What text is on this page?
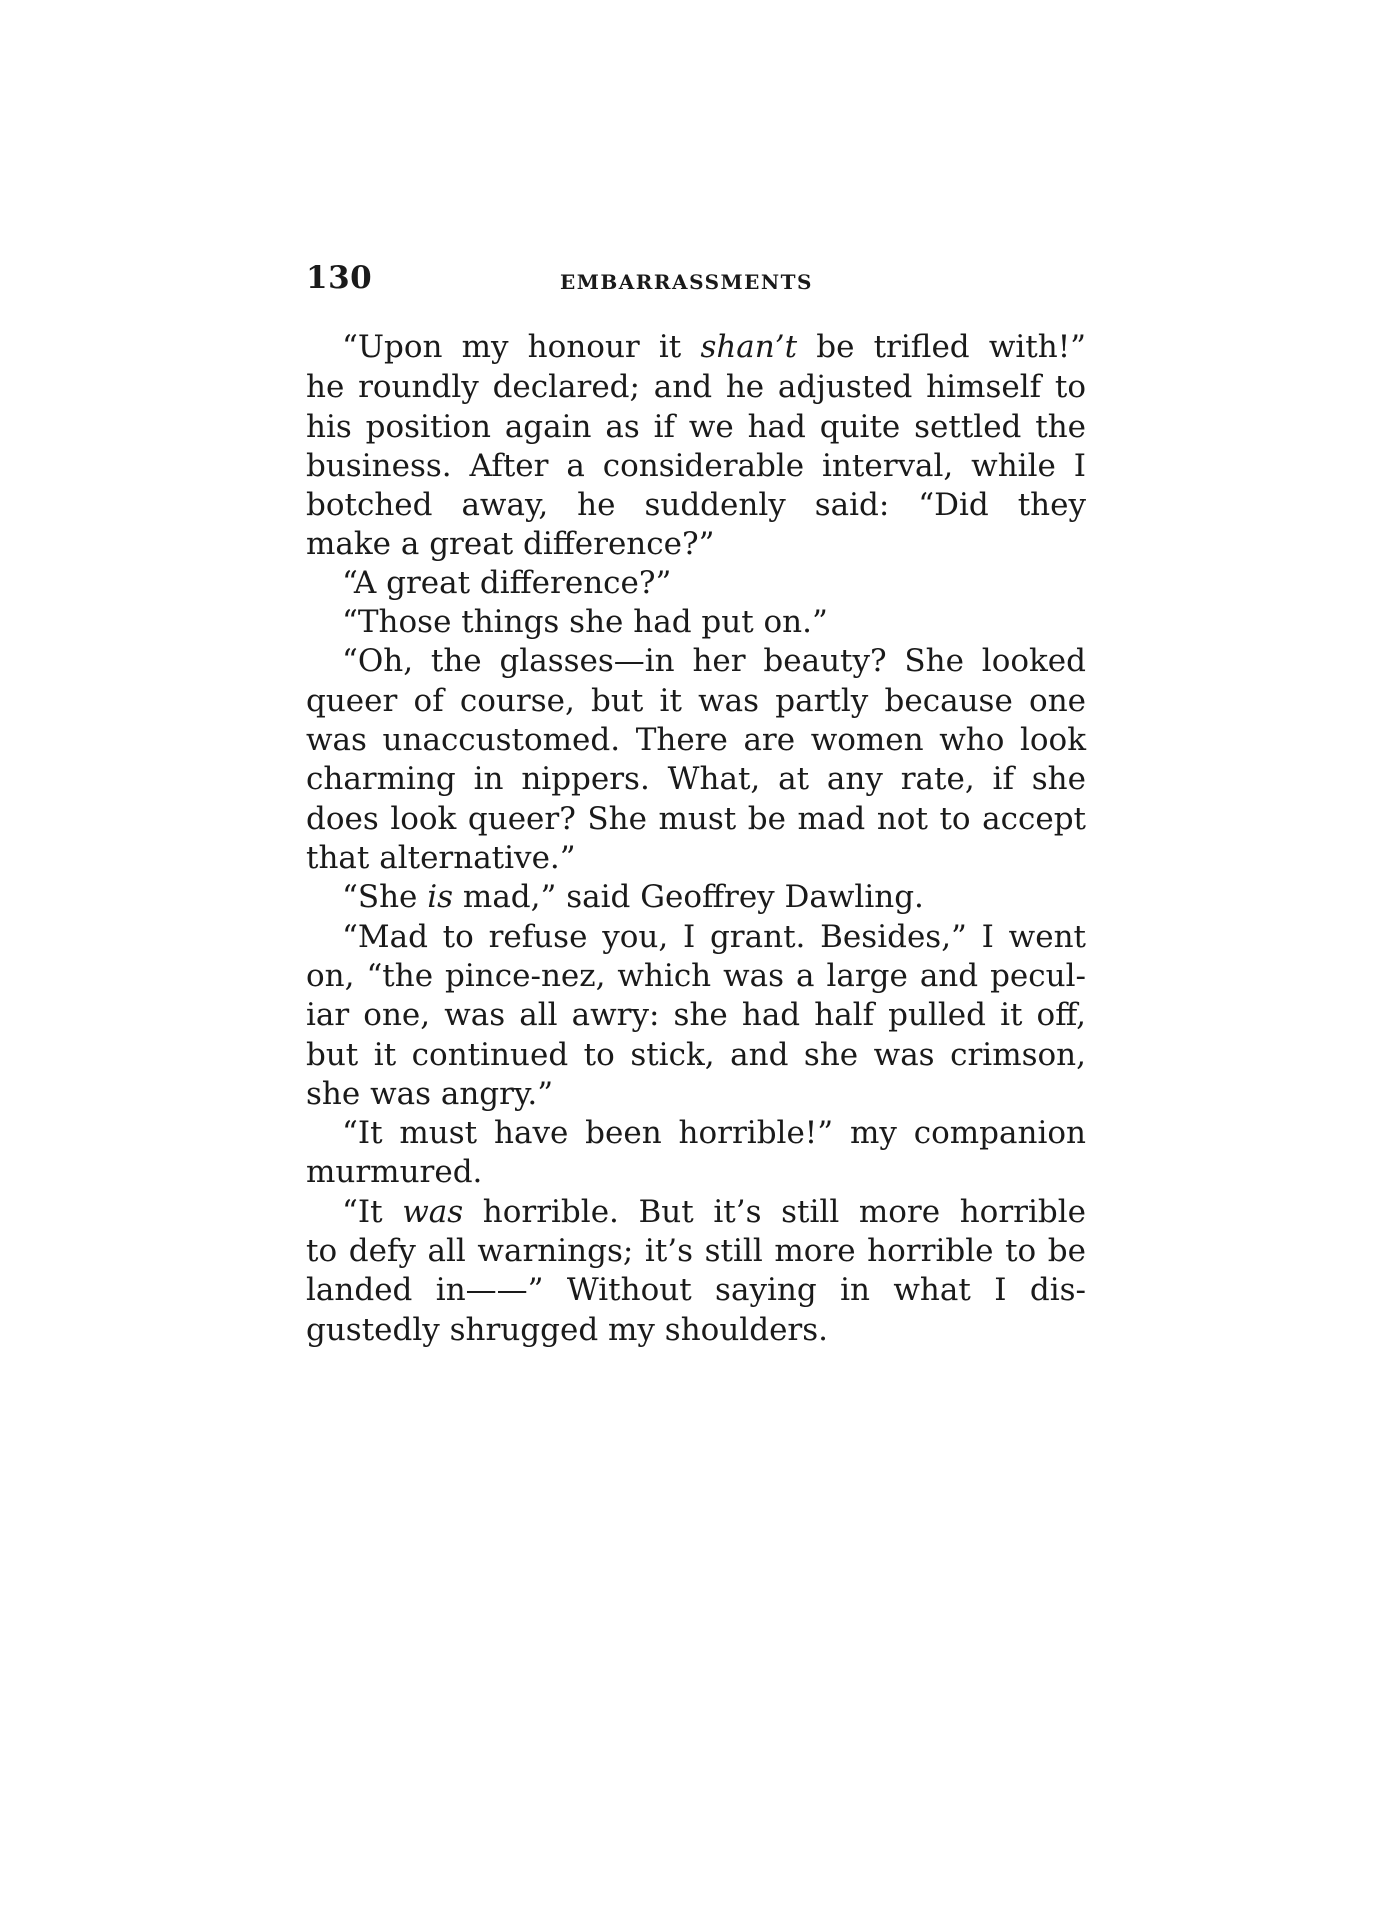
130	EMBARRASSMENTS
“Upon my honour it shan’t be trifled with!”
he roundly declared; and he adjusted himself to
his position again as if we had quite settled the
business. After a considerable interval, while I
botched away, he suddenly said: “Did they
make a great difference?”
“A great difference?”
“Those things she had put on.”
“Oh, the glasses—in her beauty? She looked
queer of course, but it was partly because one
was unaccustomed. There are women who look
charming in nippers. What, at any rate, if she
does look queer? She must be mad not to accept
that alternative.”
“She is mad,” said Geoffrey Dawling.
“Mad to refuse you, I grant. Besides,” I went
on, “the pince-nez, which was a large and pecul-
iar one, was all awry: she had half pulled it off,
but it continued to stick, and she was crimson,
she was angry.”
“It must have been horrible!” my companion
murmured.
“It was horrible. But it’s still more horrible
to defy all warnings; it’s still more horrible to be
landed in——” Without saying in what I dis-
gustedly shrugged my shoulders.
